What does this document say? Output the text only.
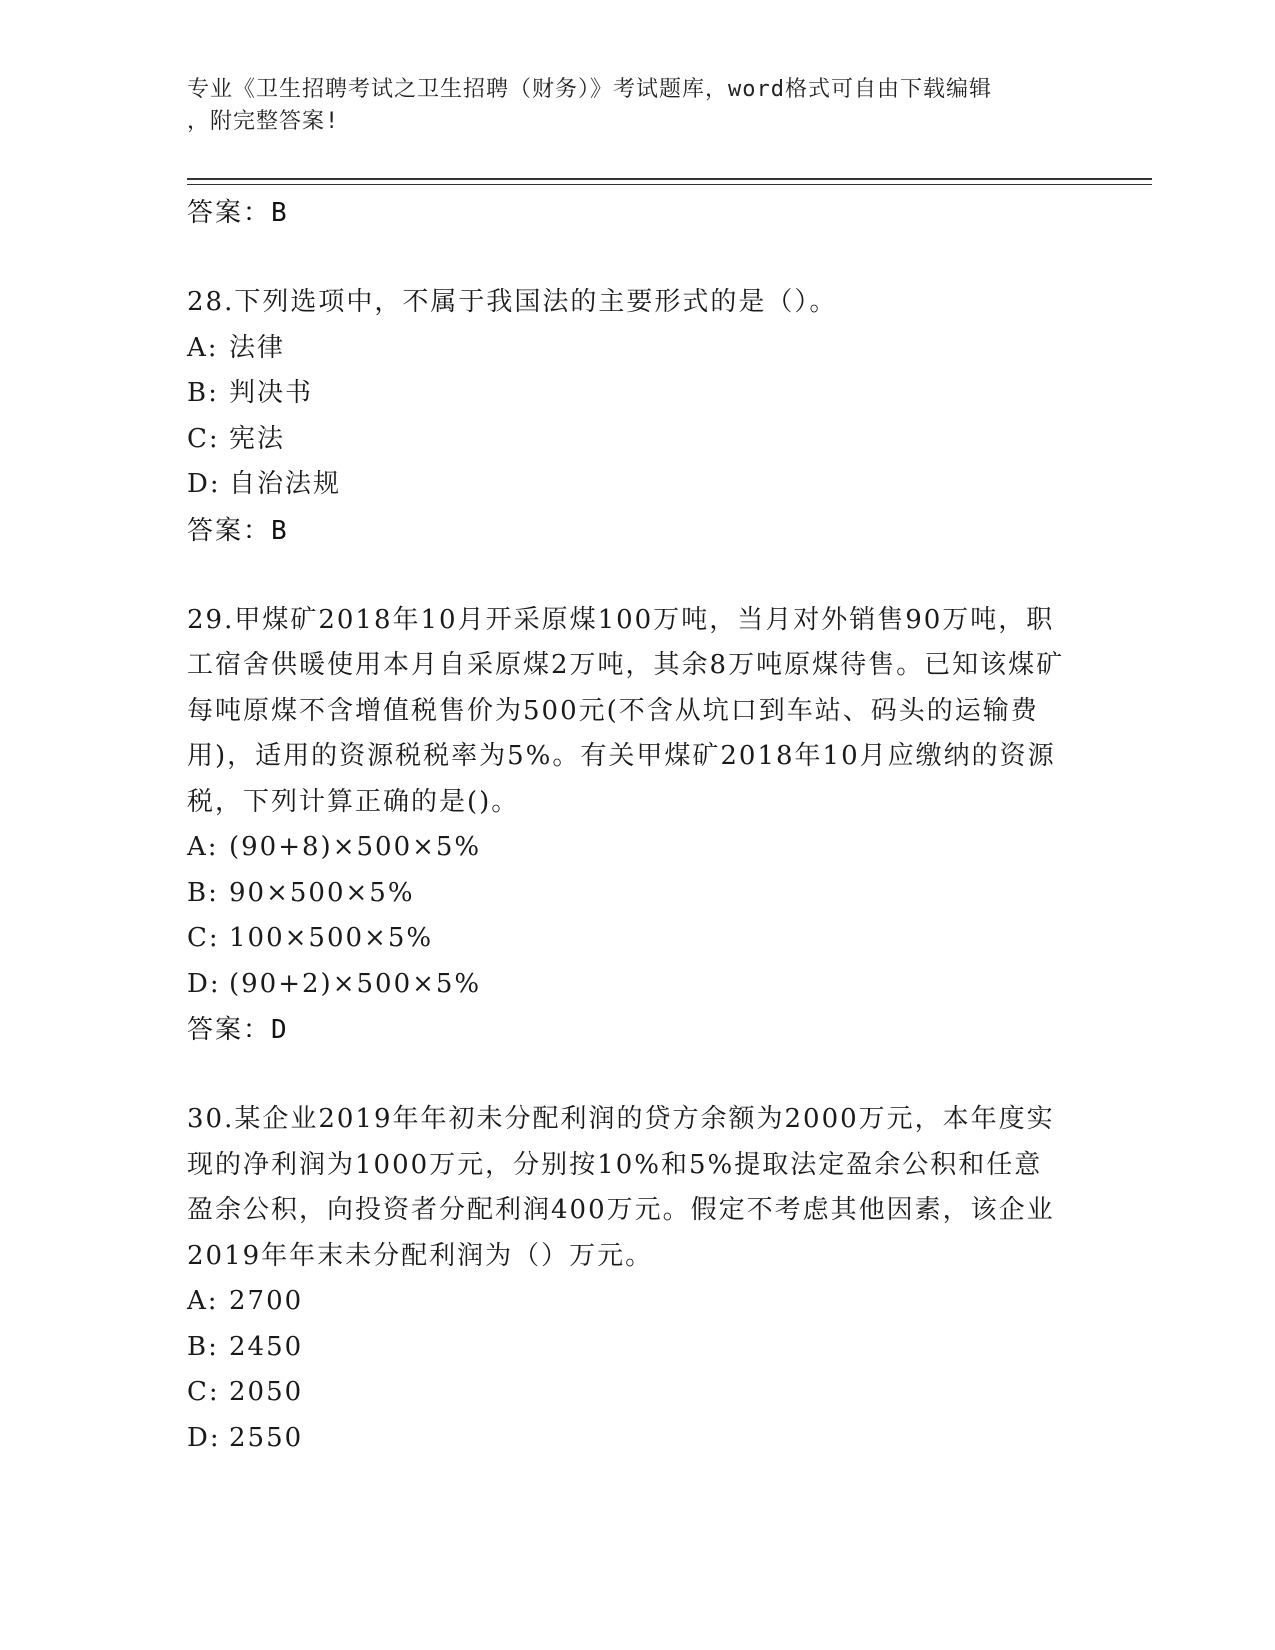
专业《卫生招聘考试之卫生招聘（财务）》考试题库，word格式可自由下载编辑
，附完整答案!

答案：B

28.下列选项中，不属于我国法的主要形式的是（）。

A: 法律

B: 判决书

C: 宪法

D: 自治法规

答案：B

29.甲煤矿2018年10月开采原煤100万吨，当月对外销售90万吨，职工宿舍供暖使用本月自采原煤2万吨，其余8万吨原煤待售。已知该煤矿每吨原煤不含增值税售价为500元(不含从坑口到车站、码头的运输费用)，适用的资源税税率为5%。有关甲煤矿2018年10月应缴纳的资源税，下列计算正确的是()。

A: (90+8)×500×5%

B: 90×500×5%

C: 100×500×5%

D: (90+2)×500×5%

答案：D

30.某企业2019年年初未分配利润的贷方余额为2000万元，本年度实现的净利润为1000万元，分别按10%和5%提取法定盈余公积和任意盈余公积，向投资者分配利润400万元。假定不考虑其他因素，该企业2019年年末未分配利润为（）万元。

A: 2700

B: 2450

C: 2050

D: 2550
